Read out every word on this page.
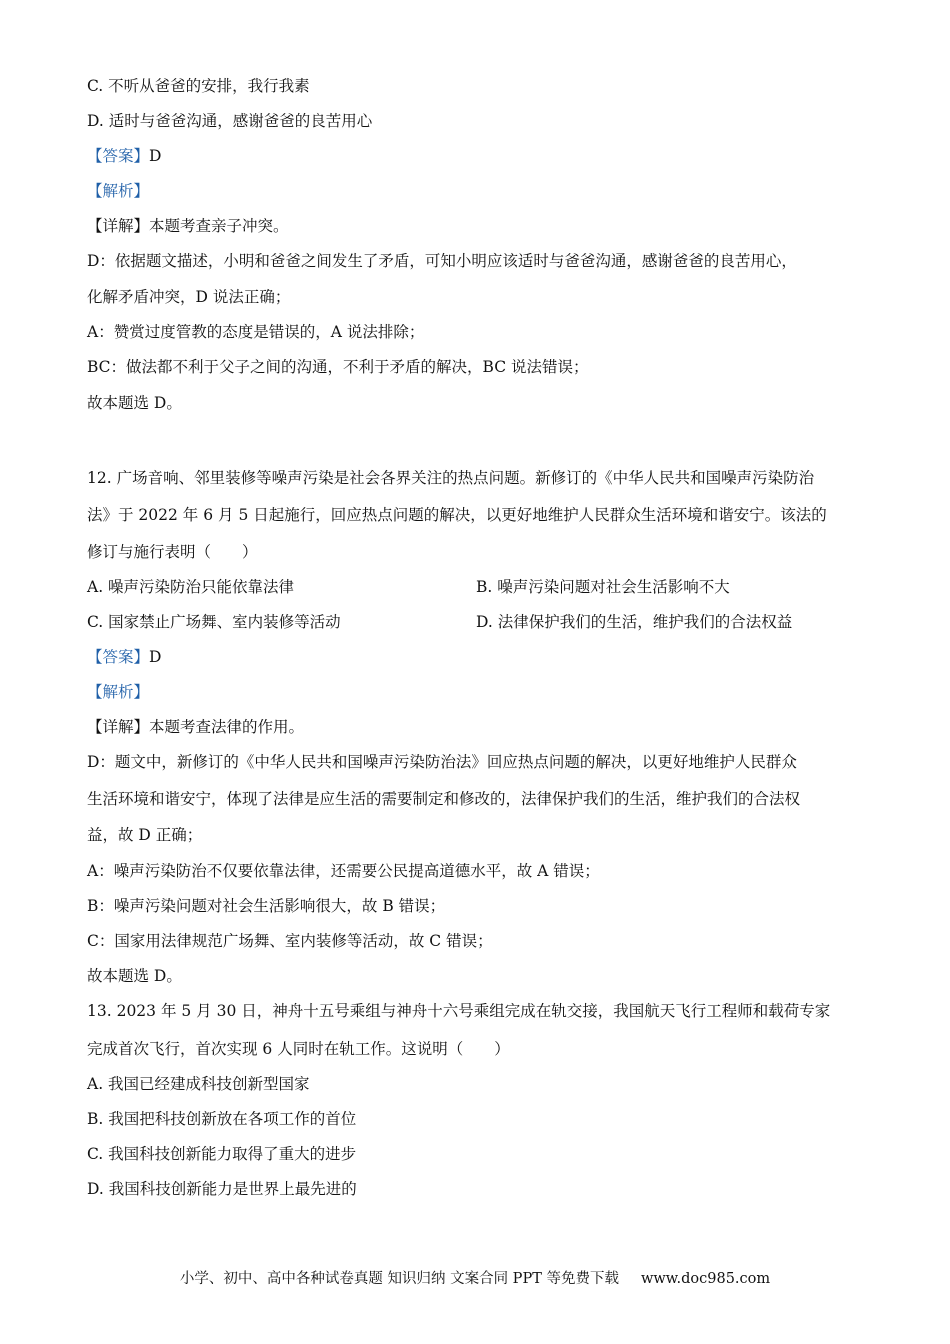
C. 不听从爸爸的安排，我行我素
D. 适时与爸爸沟通，感谢爸爸的良苦用心
【答案】D
【解析】
【详解】本题考查亲子冲突。
D：依据题文描述，小明和爸爸之间发生了矛盾，可知小明应该适时与爸爸沟通，感谢爸爸的良苦用心，
化解矛盾冲突，D 说法正确；
A：赞赏过度管教的态度是错误的，A 说法排除；
BC：做法都不利于父子之间的沟通，不利于矛盾的解决，BC 说法错误；
故本题选 D。
12. 广场音响、邻里装修等噪声污染是社会各界关注的热点问题。新修订的《中华人民共和国噪声污染防治
法》于 2022 年 6 月 5 日起施行，回应热点问题的解决，以更好地维护人民群众生活环境和谐安宁。该法的
修订与施行表明（　　）
A. 噪声污染防治只能依靠法律	B. 噪声污染问题对社会生活影响不大
C. 国家禁止广场舞、室内装修等活动	D. 法律保护我们的生活，维护我们的合法权益
【答案】D
【解析】
【详解】本题考查法律的作用。
D：题文中，新修订的《中华人民共和国噪声污染防治法》回应热点问题的解决，以更好地维护人民群众
生活环境和谐安宁，体现了法律是应生活的需要制定和修改的，法律保护我们的生活，维护我们的合法权
益，故 D 正确；
A：噪声污染防治不仅要依靠法律，还需要公民提高道德水平，故 A 错误；
B：噪声污染问题对社会生活影响很大，故 B 错误；
C：国家用法律规范广场舞、室内装修等活动，故 C 错误；
故本题选 D。
13. 2023 年 5 月 30 日，神舟十五号乘组与神舟十六号乘组完成在轨交接，我国航天飞行工程师和载荷专家
完成首次飞行，首次实现 6 人同时在轨工作。这说明（　　）
A. 我国已经建成科技创新型国家
B. 我国把科技创新放在各项工作的首位
C. 我国科技创新能力取得了重大的进步
D. 我国科技创新能力是世界上最先进的
小学、初中、高中各种试卷真题 知识归纳 文案合同 PPT 等免费下载 www.doc985.com
